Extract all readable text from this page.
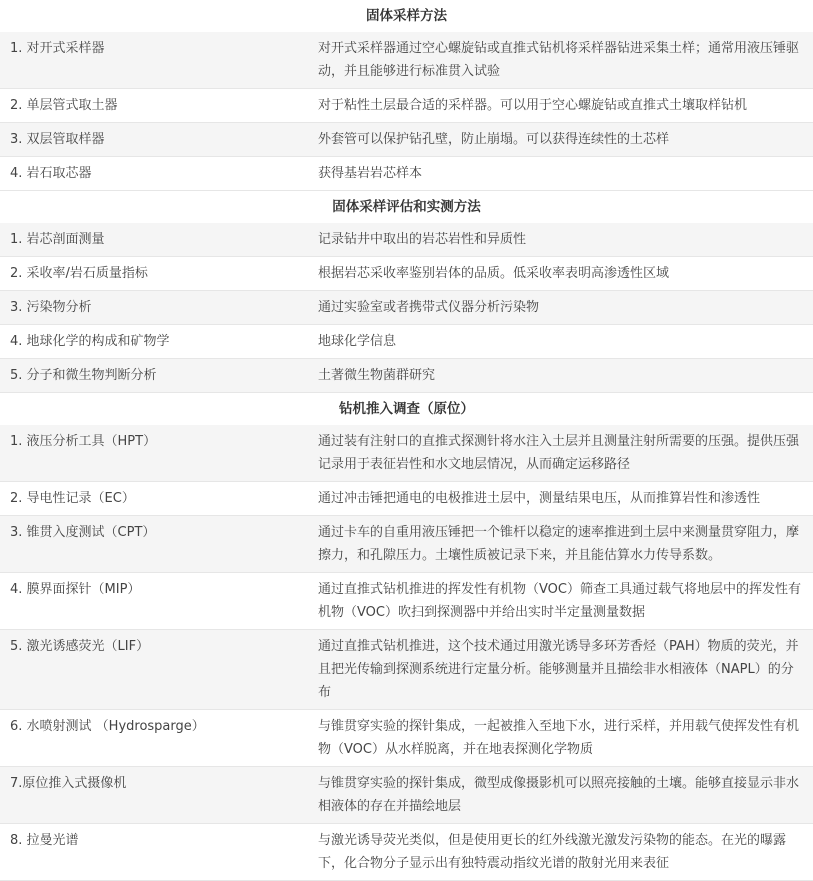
固体采样方法
1. 对开式采样器	对开式采样器通过空心螺旋钻或直推式钻机将采样器钻进采集土样；通常用液压锤驱动，并且能够进行标准贯入试验
2. 单层管式取土器	对于粘性土层最合适的采样器。可以用于空心螺旋钻或直推式土壤取样钻机
3. 双层管取样器	外套管可以保护钻孔壁，防止崩塌。可以获得连续性的土芯样
4. 岩石取芯器	获得基岩岩芯样本
固体采样评估和实测方法
1. 岩芯剖面测量	记录钻井中取出的岩芯岩性和异质性
2. 采收率/岩石质量指标	根据岩芯采收率鉴别岩体的品质。低采收率表明高渗透性区域
3. 污染物分析	通过实验室或者携带式仪器分析污染物
4. 地球化学的构成和矿物学	地球化学信息
5. 分子和微生物判断分析	土著微生物菌群研究
钻机推入调查（原位）
1. 液压分析工具（HPT）	通过装有注射口的直推式探测针将水注入土层并且测量注射所需要的压强。提供压强记录用于表征岩性和水文地层情况，从而确定运移路径
2. 导电性记录（EC）	通过冲击锤把通电的电极推进土层中，测量结果电压，从而推算岩性和渗透性
3. 锥贯入度测试（CPT）	通过卡车的自重用液压锤把一个锥杆以稳定的速率推进到土层中来测量贯穿阻力，摩擦力，和孔隙压力。土壤性质被记录下来，并且能估算水力传导系数。
4. 膜界面探针（MIP）	通过直推式钻机推进的挥发性有机物（VOC）筛查工具通过载气将地层中的挥发性有机物（VOC）吹扫到探测器中并给出实时半定量测量数据
5. 激光诱感荧光（LIF）	通过直推式钻机推进，这个技术通过用激光诱导多环芳香烃（PAH）物质的荧光，并且把光传输到探测系统进行定量分析。能够测量并且描绘非水相液体（NAPL）的分布
6. 水喷射测试 （Hydrosparge）	与锥贯穿实验的探针集成，一起被推入至地下水，进行采样，并用载气使挥发性有机物（VOC）从水样脱离，并在地表探测化学物质
7.原位推入式摄像机	与锥贯穿实验的探针集成，微型成像摄影机可以照亮接触的土壤。能够直接显示非水相液体的存在并描绘地层
8. 拉曼光谱	与激光诱导荧光类似，但是使用更长的红外线激光激发污染物的能态。在光的曝露下，化合物分子显示出有独特震动指纹光谱的散射光用来表征
